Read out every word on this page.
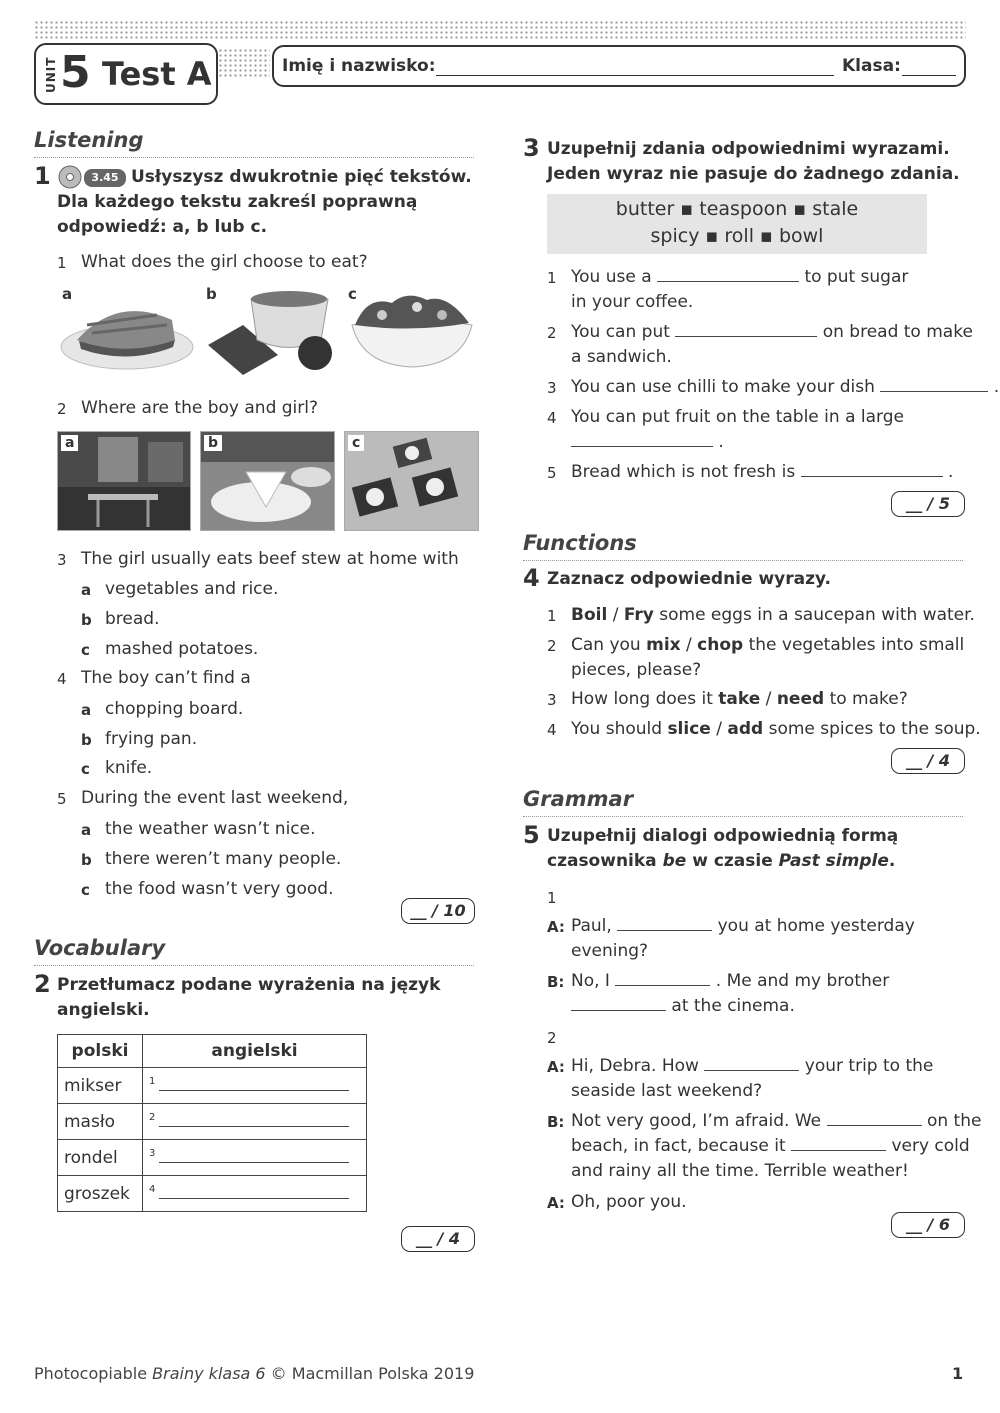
UNIT 5 Test A	Imię i nazwisko:	Klasa:
Listening
1	3.45 Usłyszysz dwukrotnie pięć tekstów.
Dla każdego tekstu zakreśl poprawną
odpowiedź: a, b lub c.
1 What does the girl choose to eat?
a	b	c
2 Where are the boy and girl?
a	b	c
3 The girl usually eats beef stew at home with
a vegetables and rice.
b bread.
c mashed potatoes.
4 The boy can’t find a
a chopping board.
b frying pan.
c knife.
5 During the event last weekend,
a the weather wasn’t nice.
b there weren’t many people.
c the food wasn’t very good.
__ / 10
Vocabulary
2 Przetłumacz podane wyrażenia na język
angielski.
polski	angielski
mikser	$^1$
masło	$^2$
rondel	$^3$
groszek	$^4$
__ / 4
3 Uzupełnij zdania odpowiednimi wyrazami.
Jeden wyraz nie pasuje do żadnego zdania.
butter ▪ teaspoon ▪ stale
spicy ▪ roll ▪ bowl
1 You use a	to put sugar
in your coffee.
2 You can put	on bread to make
a sandwich.
3 You can use chilli to make your dish	.
4 You can put fruit on the table in a large
.
5 Bread which is not fresh is	.
__ / 5
Functions
4 Zaznacz odpowiednie wyrazy.
1 Boil / Fry some eggs in a saucepan with water.
2 Can you mix / chop the vegetables into small
pieces, please?
3 How long does it take / need to make?
4 You should slice / add some spices to the soup.
__ / 4
Grammar
5 Uzupełnij dialogi odpowiednią formą
czasownika be w czasie Past simple.
1
A: Paul,	you at home yesterday
evening?
B: No, I	. Me and my brother
at the cinema.
2
A: Hi, Debra. How	your trip to the
seaside last weekend?
B: Not very good, I’m afraid. We	on the
beach, in fact, because it	very cold
and rainy all the time. Terrible weather!
A: Oh, poor you.
__ / 6
Photocopiable Brainy klasa 6 © Macmillan Polska 2019	1
